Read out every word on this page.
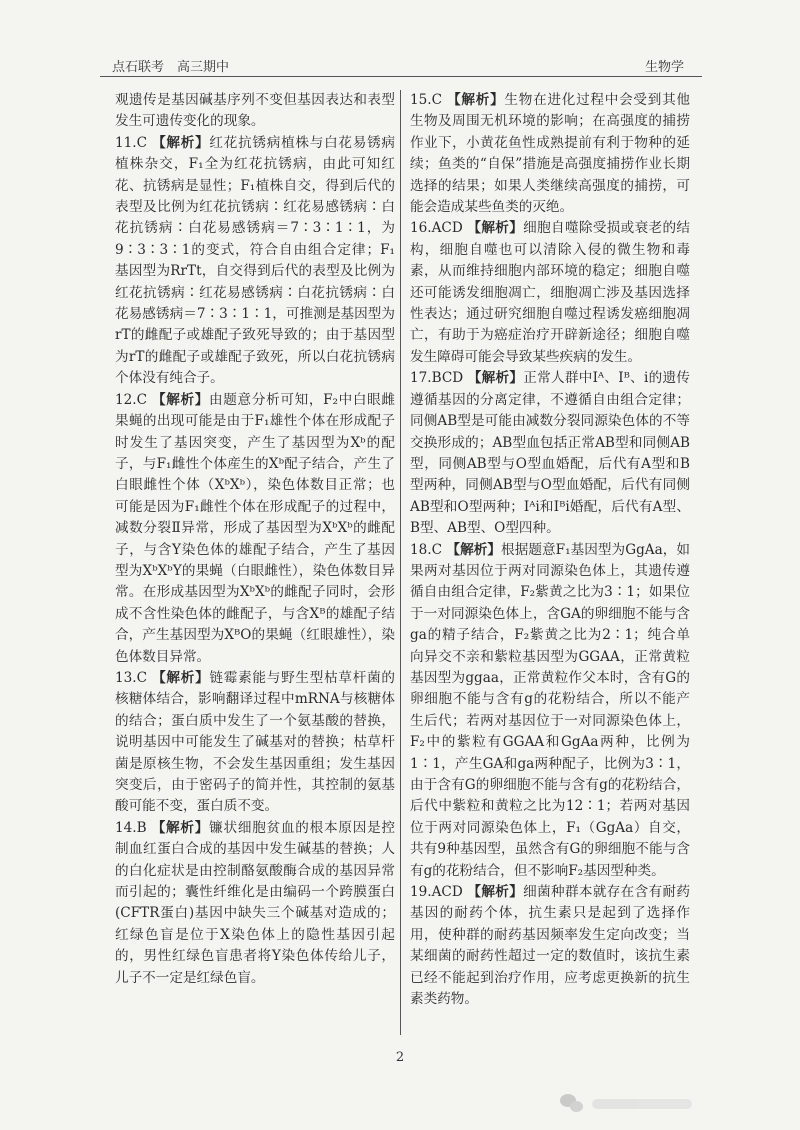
点石联考　高三期中	生物学

观遗传是基因碱基序列不变但基因表达和表型发生可遗传变化的现象。

11.C 【解析】红花抗锈病植株与白花易锈病植株杂交，F₁全为红花抗锈病，由此可知红花、抗锈病是显性；F₁植株自交，得到后代的表型及比例为红花抗锈病∶红花易感锈病∶白花抗锈病∶白花易感锈病＝7∶3∶1∶1，为9∶3∶3∶1的变式，符合自由组合定律；F₁基因型为RrTt，自交得到后代的表型及比例为红花抗锈病∶红花易感锈病∶白花抗锈病∶白花易感锈病＝7∶3∶1∶1，可推测是基因型为rT的雌配子或雄配子致死导致的；由于基因型为rT的雌配子或雄配子致死，所以白花抗锈病个体没有纯合子。

12.C 【解析】由题意分析可知，F₂中白眼雌果蝇的出现可能是由于F₁雄性个体在形成配子时发生了基因突变，产生了基因型为Xᵇ的配子，与F₁雌性个体産生的Xᵇ配子结合，产生了白眼雌性个体（XᵇXᵇ），染色体数目正常；也可能是因为F₁雌性个体在形成配子的过程中，减数分裂Ⅱ异常，形成了基因型为XᵇXᵇ的雌配子，与含Y染色体的雄配子结合，产生了基因型为XᵇXᵇY的果蝇（白眼雌性），染色体数目异常。在形成基因型为XᵇXᵇ的雌配子同时，会形成不含性染色体的雌配子，与含Xᴮ的雄配子结合，产生基因型为XᴮO的果蝇（红眼雄性），染色体数目异常。

13.C 【解析】链霉素能与野生型枯草杆菌的核糖体结合，影响翻译过程中mRNA与核糖体的结合；蛋白质中发生了一个氨基酸的替换，说明基因中可能发生了碱基对的替换；枯草杆菌是原核生物，不会发生基因重组；发生基因突变后，由于密码子的简并性，其控制的氨基酸可能不变，蛋白质不变。

14.B 【解析】镰状细胞贫血的根本原因是控制血红蛋白合成的基因中发生碱基的替换；人的白化症状是由控制酪氨酸酶合成的基因异常而引起的；囊性纤维化是由编码一个跨膜蛋白(CFTR蛋白)基因中缺失三个碱基对造成的；红绿色盲是位于X染色体上的隐性基因引起的，男性红绿色盲患者将Y染色体传给儿子，儿子不一定是红绿色盲。

15.C 【解析】生物在进化过程中会受到其他生物及周围无机环境的影响；在高强度的捕捞作业下，小黄花鱼性成熟提前有利于物种的延续；鱼类的“自保”措施是高强度捕捞作业长期选择的结果；如果人类继续高强度的捕捞，可能会造成某些鱼类的灭绝。

16.ACD 【解析】细胞自噬除受损或衰老的结构，细胞自噬也可以清除入侵的微生物和毒素，从而维持细胞内部环境的稳定；细胞自噬还可能诱发细胞凋亡，细胞凋亡涉及基因选择性表达；通过研究细胞自噬过程诱发癌细胞凋亡，有助于为癌症治疗开辟新途径；细胞自噬发生障碍可能会导致某些疾病的发生。

17.BCD 【解析】正常人群中Iᴬ、Iᴮ、i的遗传遵循基因的分离定律，不遵循自由组合定律；同侧AB型是可能由减数分裂同源染色体的不等交换形成的；AB型血包括正常AB型和同侧AB型，同侧AB型与O型血婚配，后代有A型和B型两种，同侧AB型与O型血婚配，后代有同侧AB型和O型两种；Iᴬi和Iᴮi婚配，后代有A型、B型、AB型、O型四种。

18.C 【解析】根据题意F₁基因型为GgAa，如果两对基因位于两对同源染色体上，其遗传遵循自由组合定律，F₂紫黄之比为3∶1；如果位于一对同源染色体上，含GA的卵细胞不能与含ga的精子结合，F₂紫黄之比为2∶1；纯合单向异交不亲和紫粒基因型为GGAA，正常黄粒基因型为ggaa，正常黄粒作父本时，含有G的卵细胞不能与含有g的花粉结合，所以不能产生后代；若两对基因位于一对同源染色体上，F₂中的紫粒有GGAA和GgAa两种，比例为1∶1，产生GA和ga两种配子，比例为3∶1，由于含有G的卵细胞不能与含有g的花粉结合，后代中紫粒和黄粒之比为12∶1；若两对基因位于两对同源染色体上，F₁（GgAa）自交，共有9种基因型，虽然含有G的卵细胞不能与含有g的花粉结合，但不影响F₂基因型种类。

19.ACD 【解析】细菌种群本就存在含有耐药基因的耐药个体，抗生素只是起到了选择作用，使种群的耐药基因频率发生定向改变；当某细菌的耐药性超过一定的数值时，该抗生素已经不能起到治疗作用，应考虑更换新的抗生素类药物。

2
